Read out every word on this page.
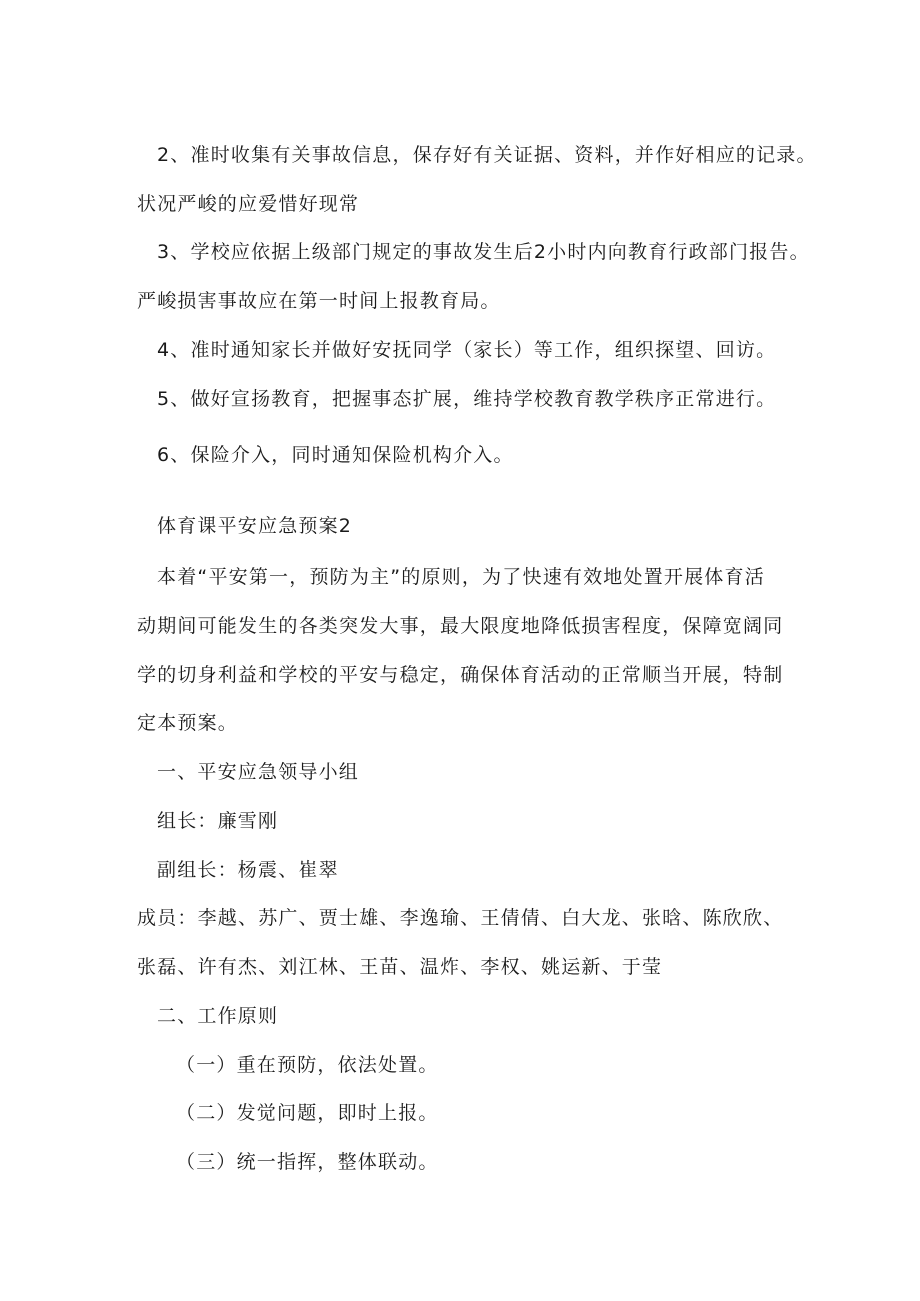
2、准时收集有关事故信息，保存好有关证据、资料，并作好相应的记录。

状况严峻的应爱惜好现常

3、学校应依据上级部门规定的事故发生后2小时内向教育行政部门报告。

严峻损害事故应在第一时间上报教育局。

4、准时通知家长并做好安抚同学（家长）等工作，组织探望、回访。

5、做好宣扬教育，把握事态扩展，维持学校教育教学秩序正常进行。

6、保险介入，同时通知保险机构介入。

体育课平安应急预案2

本着“平安第一，预防为主”的原则，为了快速有效地处置开展体育活

动期间可能发生的各类突发大事，最大限度地降低损害程度，保障宽阔同

学的切身利益和学校的平安与稳定，确保体育活动的正常顺当开展，特制

定本预案。

一、平安应急领导小组

组长：廉雪刚

副组长：杨震、崔翠

成员：李越、苏广、贾士雄、李逸瑜、王倩倩、白大龙、张晗、陈欣欣、

张磊、许有杰、刘江林、王苗、温炸、李权、姚运新、于莹

二、工作原则

（一）重在预防，依法处置。

（二）发觉问题，即时上报。

（三）统一指挥，整体联动。
